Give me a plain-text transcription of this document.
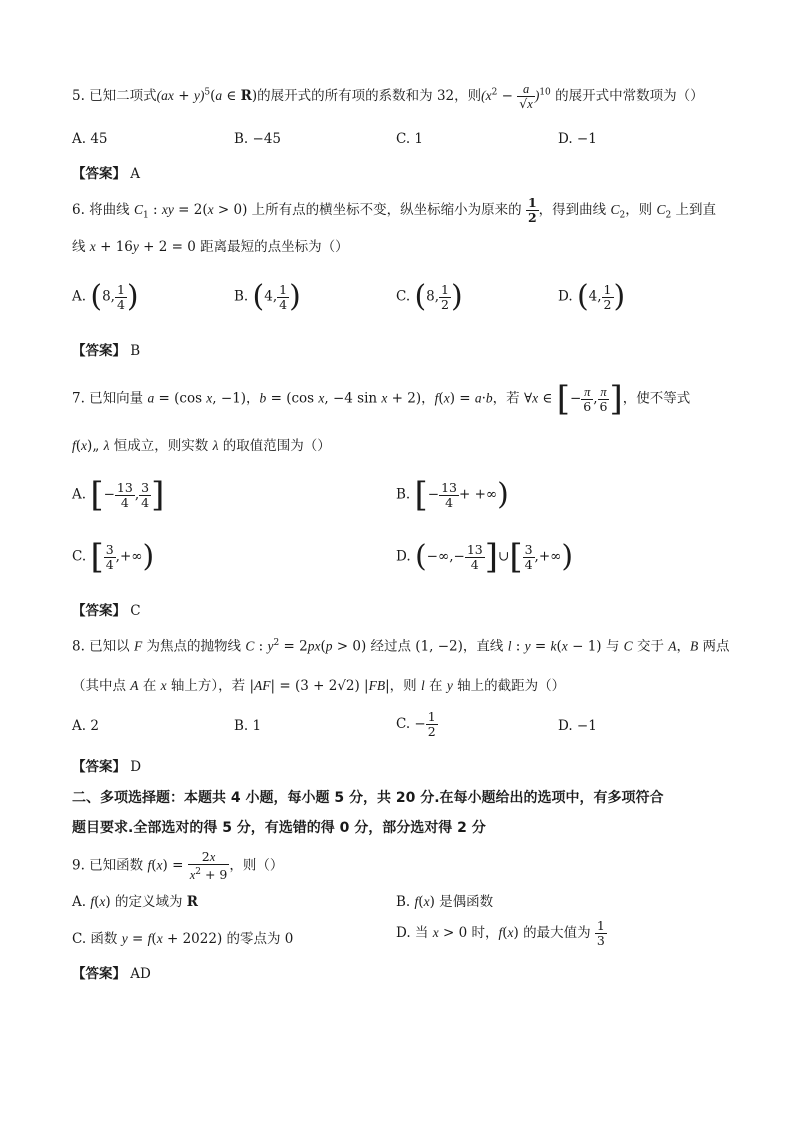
5. 已知二项式(ax + y)$^5$(a ∈ R)的展开式的所有项的系数和为 32，则$(x^2 - \frac{a}{√x} )^{10}$ 的展开式中常数项为（）
A. 45	B. −45	C. 1	D. −1
【答案】 A
6. 将曲线 $C_1$ : xy = 2(x > 0) 上所有点的横坐标不变，纵坐标缩小为原来的 $\frac{1}{2}$ ，得到曲线 $C_2$，则 $C_2$ 上到直
线 x + 16y + 2 = 0 距离最短的点坐标为（）
A. (8, $\frac{1}{4}$ )	B. (4, $\frac{1}{4}$ )	C. (8, $\frac{1}{2}$ )	D. (4, $\frac{1}{2}$ )
【答案】 B
7. 已知向量 a = (cos x, −1)，b = (cos x, −4 sin x + 2)，f(x) = a·b，若 ∀x ∈ [− $\frac{\pi}{6}$ , $\frac{\pi}{6}$ ]，使不等式
f(x)„ λ 恒成立，则实数 λ 的取值范围为（）
A. [− $\frac{13}{4}$ , $\frac{3}{4}$ ]	B. [− $\frac{13}{4}$ + +∞)
C. [ $\frac{3}{4}$ ,+∞)	D. (−∞,− $\frac{13}{4}$ ]∪[ $\frac{3}{4}$ ,+∞)
【答案】 C
8. 已知以 F 为焦点的抛物线 C : $y^2 = 2px(p > 0)$ 经过点 (1, −2)，直线 l : y = k(x − 1) 与 C 交于 A，B 两点
（其中点 A 在 x 轴上方），若 |AF| = (3 + 2√2) |FB|，则 l 在 y 轴上的截距为（）
A. 2	B. 1	C. − $\frac{1}{2}$	D. −1
【答案】 D
二、多项选择题：本题共 4 小题，每小题 5 分，共 20 分.在每小题给出的选项中，有多项符合
题目要求.全部选对的得 5 分，有选错的得 0 分，部分选对得 2 分
9. 已知函数 $f(x) = \frac{2x}{x^2 + 9}$ ，则（）
A. f(x) 的定义域为 R	B. f(x) 是偶函数
C. 函数 y = f(x + 2022) 的零点为 0	D. 当 x > 0 时，f(x) 的最大值为 $\frac{1}{3}$
【答案】 AD
